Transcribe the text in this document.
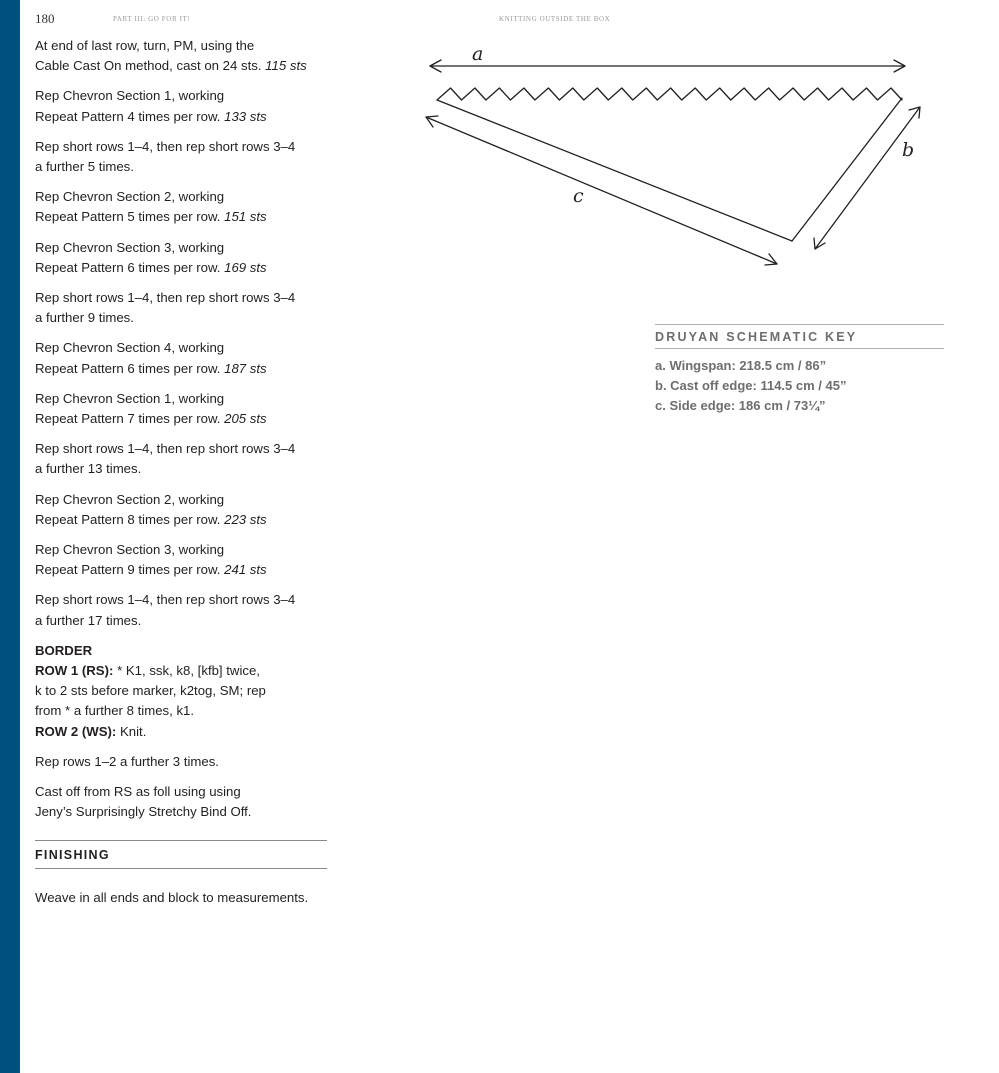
180	PART III: GO FOR IT!	KNITTING OUTSIDE THE BOX
At end of last row, turn, PM, using the
Cable Cast On method, cast on 24 sts. 115 sts
Rep Chevron Section 1, working
Repeat Pattern 4 times per row. 133 sts
Rep short rows 1–4, then rep short rows 3–4
a further 5 times.
Rep Chevron Section 2, working
Repeat Pattern 5 times per row. 151 sts
Rep Chevron Section 3, working
Repeat Pattern 6 times per row. 169 sts
Rep short rows 1–4, then rep short rows 3–4
a further 9 times.
Rep Chevron Section 4, working
Repeat Pattern 6 times per row. 187 sts
Rep Chevron Section 1, working
Repeat Pattern 7 times per row. 205 sts
Rep short rows 1–4, then rep short rows 3–4
a further 13 times.
Rep Chevron Section 2, working
Repeat Pattern 8 times per row. 223 sts
Rep Chevron Section 3, working
Repeat Pattern 9 times per row. 241 sts
Rep short rows 1–4, then rep short rows 3–4
a further 17 times.
BORDER
ROW 1 (RS): * K1, ssk, k8, [kfb] twice,
k to 2 sts before marker, k2tog, SM; rep
from * a further 8 times, k1.
ROW 2 (WS): Knit.
Rep rows 1–2 a further 3 times.
Cast off from RS as foll using using
Jeny’s Surprisingly Stretchy Bind Off.
FINISHING
Weave in all ends and block to measurements.
a
b
c
DRUYAN SCHEMATIC KEY
a. Wingspan: 218.5 cm / 86”
b. Cast off edge: 114.5 cm / 45”
c. Side edge: 186 cm / 73¼”
